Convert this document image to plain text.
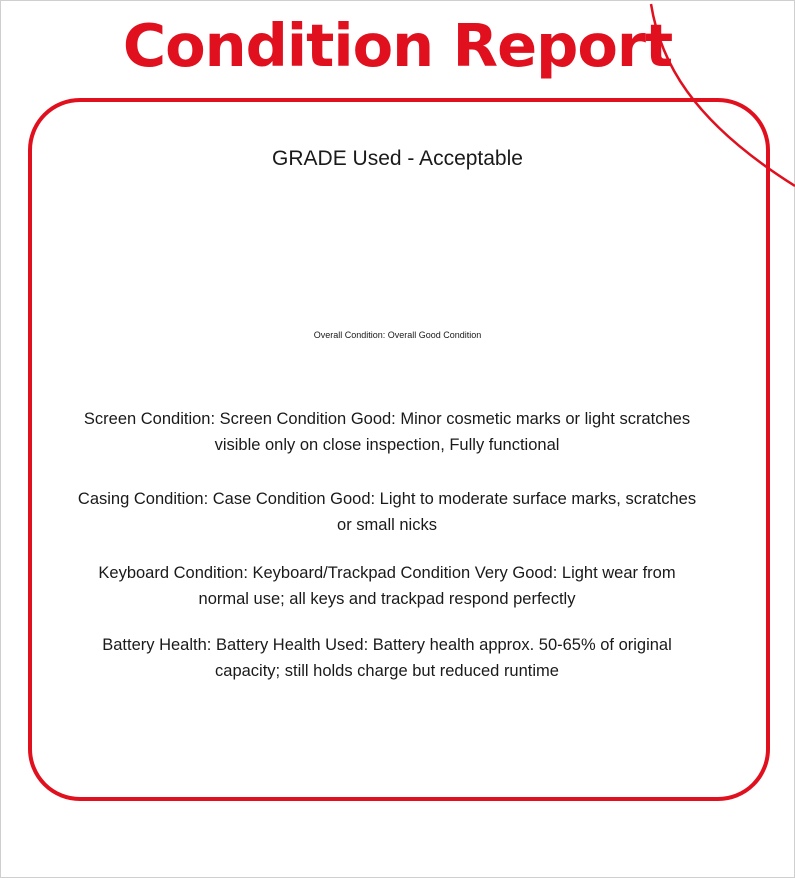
Condition Report
GRADE Used - Acceptable
Overall Condition: Overall Good Condition

Screen Condition: Screen Condition Good: Minor cosmetic marks or light scratches visible only on close inspection, Fully functional

Casing Condition: Case Condition Good: Light to moderate surface marks, scratches or small nicks

Keyboard Condition: Keyboard/Trackpad Condition Very Good: Light wear from normal use; all keys and trackpad respond perfectly

Battery Health: Battery Health Used: Battery health approx. 50-65% of original capacity; still holds charge but reduced runtime
